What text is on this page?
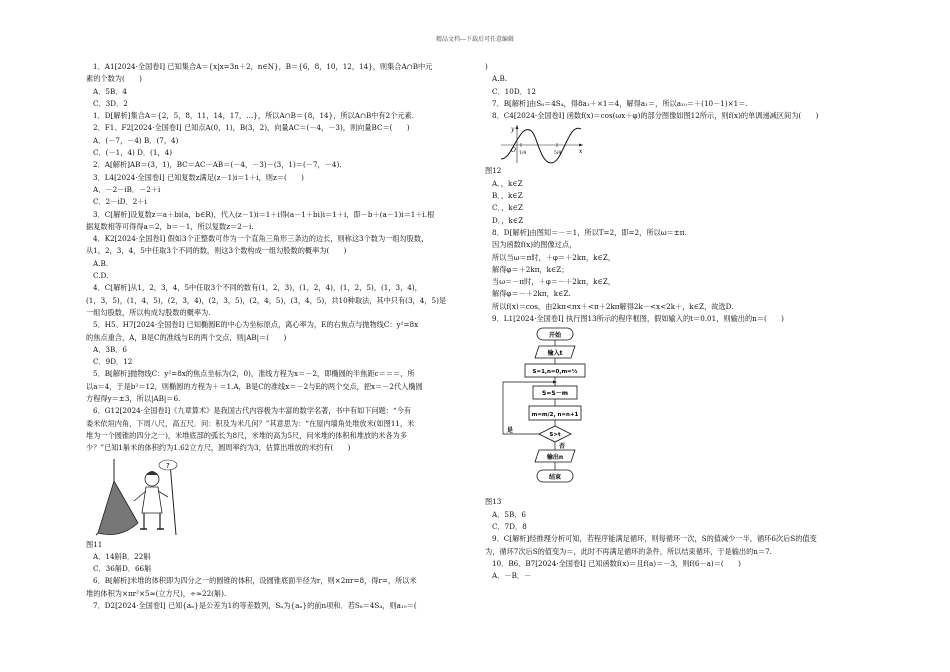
精品文档---下载后可任意编辑
1．A1[2024·全国卷Ⅰ] 已知集合A＝{x|x=3n＋2，n∈N}，B＝{6，8，10，12，14}，则集合A∩B中元
素的个数为(　　)
A．5B．4
C．3D．2
1．D[解析]集合A＝{2，5，8，11，14，17，…}，所以A∩B＝{8，14}，所以A∩B中有2个元素.
2．F1、F2[2024·全国卷Ⅰ] 已知点A(0，1)，B(3，2)，向量AC＝(－4，－3)，则向量BC＝(　　)
A．(－7，－4) B．(7，4)
C．(－1，4) D．(1，4)
2．A[解析]AB＝(3，1)，BC＝AC－AB＝(－4，－3)－(3，1)＝(－7，－4).
3．L4[2024·全国卷Ⅰ] 已知复数z满足(z－1)i＝1＋i，则z＝(　　)
A．－2－iB．－2＋i
C．2－iD．2＋i
3．C[解析]设复数z＝a＋bi(a，b∈R)，代入(z－1)i＝1＋i得(a－1＋bi)i＝1＋i，即－b＋(a－1)i＝1＋i.根
据复数相等可得得a＝2，b＝－1，所以复数z＝2－i.
4．K2[2024·全国卷Ⅰ] 假如3个正整数可作为一个直角三角形三条边的边长，则称这3个数为一组勾股数，
从1，2，3，4，5中任取3个不同的数，则这3个数构成一组勾股数的概率为(　　)
A.B.
C.D.
4．C[解析]从1，2，3，4，5中任取3个不同的数有(1，2，3)，(1，2，4)，(1，2，5)，(1，3，4)，
(1，3，5)，(1，4，5)，(2，3，4)，(2，3，5)，(2，4，5)，(3，4，5)，共10种取法，其中只有(3，4，5)是
一组勾股数，所以构成勾股数的概率为.
5．H5、H7[2024·全国卷Ⅰ] 已知椭圆E的中心为坐标原点，离心率为，E的右焦点与抛物线C：y²=8x
的焦点重合，A，B是C的准线与E的两个交点，则|AB|＝(　　)
A．3B．6
C．9D．12
5．B[解析]抛物线C：y²=8x的焦点坐标为(2，0)，准线方程为x＝－2，即椭圆的半焦距c＝＝＝，所
以a＝4，于是b²＝12，则椭圆的方程为＋＝1.A，B是C的准线x＝－2与E的两个交点，把x＝－2代入椭圆
方程得y＝±3，所以|AB|＝6.
6．G12[2024·全国卷Ⅰ]《九章算术》是我国古代内容极为丰富的数学名著，书中有如下问题：“今有
委米依垣内角，下周八尺，高五尺．问：积及为米几何？”其意思为：“在屋内墙角处堆放米(如图11，米
堆为一个圆锥的四分之一)，米堆底部的弧长为8尺，米堆的高为5尺，问米堆的体积和堆放的米各为多
少？”已知1斛米的体积约为1.62立方尺，圆周率约为3，估算出堆放的米约有(　　)
?
图11
A．14斛B．22斛
C．36斛D．66斛
6．B[解析]米堆的体积即为四分之一的圆锥的体积，设圆锥底面半径为r，则×2πr=8，得r=，所以米
堆的体积为×πr²×5≈(立方尺)，÷≈22(斛).
7．D2[2024·全国卷Ⅰ] 已知{aₙ}是公差为1的等差数列，Sₙ为{aₙ}的前n项和．若S₈＝4S₄，则a₁₀＝(
)
A.B.
C．10D．12
7．B[解析]由S₈＝4S₄，得8a₁＋×1＝4，解得a₁＝，所以a₁₀＝＋(10－1)×1＝.
8．C4[2024·全国卷Ⅰ] 函数f(x)＝cos(ωx＋φ)的部分图像如图12所示，则f(x)的单调递减区间为(　　)
y
x
O 1/4	5/4
图12
A．，k∈Z
B．，k∈Z
C．，k∈Z
D．，k∈Z
8．D[解析]由图知＝－＝1，所以T=2，即=2，所以ω＝±π.
因为函数f(x)的图像过点，
所以当ω＝π时，＋φ＝＋2kπ，k∈Z，
解得φ＝＋2kπ，k∈Z；
当ω＝－π时，＋φ＝－＋2kπ，k∈Z，
解得φ＝－＋2kπ，k∈Z.
所以f(x)＝cos，由2kπ<πx＋<π＋2kπ解得2k－<x<2k＋，k∈Z，故选D.
9．L1[2024·全国卷Ⅰ] 执行图13所示的程序框图，假如输入的t＝0.01，则输出的n＝(　　)
开始
输入t
S=1,n=0,m=½
S=S－m
m=m/2, n=n+1
S>t
是
否
输出n
结束
图13
A．5B．6
C．7D．8
9．C[解析]经推理分析可知，若程序能满足循环，则每循环一次，S的值减少一半，循环6次后S的值变
为，循环7次后S的值变为＝，此时不再满足循环的条件，所以结束循环，于是输出的n＝7.
10．B6、B7[2024·全国卷Ⅰ] 已知函数f(x)＝且f(a)＝－3，则f(6－a)＝(　　)
A．－B．－
